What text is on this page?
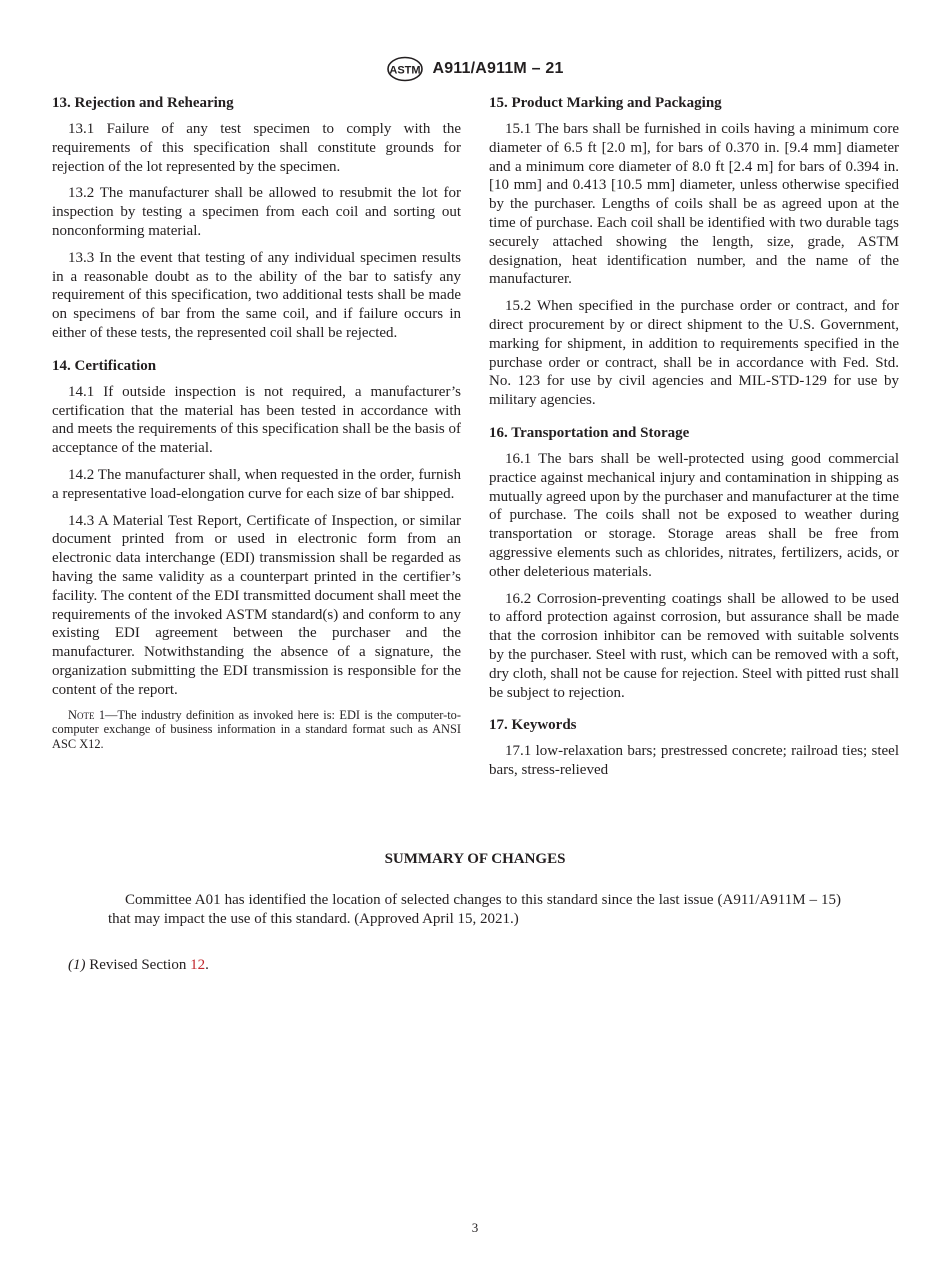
ASTM A911/A911M – 21
13. Rejection and Rehearing

13.1 Failure of any test specimen to comply with the requirements of this specification shall constitute grounds for rejection of the lot represented by the specimen.

13.2 The manufacturer shall be allowed to resubmit the lot for inspection by testing a specimen from each coil and sorting out nonconforming material.

13.3 In the event that testing of any individual specimen results in a reasonable doubt as to the ability of the bar to satisfy any requirement of this specification, two additional tests shall be made on specimens of bar from the same coil, and if failure occurs in either of these tests, the represented coil shall be rejected.

14. Certification

14.1 If outside inspection is not required, a manufacturer’s certification that the material has been tested in accordance with and meets the requirements of this specification shall be the basis of acceptance of the material.

14.2 The manufacturer shall, when requested in the order, furnish a representative load-elongation curve for each size of bar shipped.

14.3 A Material Test Report, Certificate of Inspection, or similar document printed from or used in electronic form from an electronic data interchange (EDI) transmission shall be regarded as having the same validity as a counterpart printed in the certifier’s facility. The content of the EDI transmitted document shall meet the requirements of the invoked ASTM standard(s) and conform to any existing EDI agreement between the purchaser and the manufacturer. Notwithstanding the absence of a signature, the organization submitting the EDI transmission is responsible for the content of the report.

Note 1—The industry definition as invoked here is: EDI is the computer-to-computer exchange of business information in a standard format such as ANSI ASC X12.
15. Product Marking and Packaging

15.1 The bars shall be furnished in coils having a minimum core diameter of 6.5 ft [2.0 m], for bars of 0.370 in. [9.4 mm] diameter and a minimum core diameter of 8.0 ft [2.4 m] for bars of 0.394 in. [10 mm] and 0.413 [10.5 mm] diameter, unless otherwise specified by the purchaser. Lengths of coils shall be as agreed upon at the time of purchase. Each coil shall be identified with two durable tags securely attached showing the length, size, grade, ASTM designation, heat identification number, and the name of the manufacturer.

15.2 When specified in the purchase order or contract, and for direct procurement by or direct shipment to the U.S. Government, marking for shipment, in addition to requirements specified in the purchase order or contract, shall be in accordance with Fed. Std. No. 123 for use by civil agencies and MIL-STD-129 for use by military agencies.

16. Transportation and Storage

16.1 The bars shall be well-protected using good commercial practice against mechanical injury and contamination in shipping as mutually agreed upon by the purchaser and manufacturer at the time of purchase. The coils shall not be exposed to weather during transportation or storage. Storage areas shall be free from aggressive elements such as chlorides, nitrates, fertilizers, acids, or other deleterious materials.

16.2 Corrosion-preventing coatings shall be allowed to be used to afford protection against corrosion, but assurance shall be made that the corrosion inhibitor can be removed with suitable solvents by the purchaser. Steel with rust, which can be removed with a soft, dry cloth, shall not be cause for rejection. Steel with pitted rust shall be subject to rejection.

17. Keywords

17.1 low-relaxation bars; prestressed concrete; railroad ties; steel bars, stress-relieved

SUMMARY OF CHANGES

Committee A01 has identified the location of selected changes to this standard since the last issue (A911/A911M – 15) that may impact the use of this standard. (Approved April 15, 2021.)

(1) Revised Section 12.

3
